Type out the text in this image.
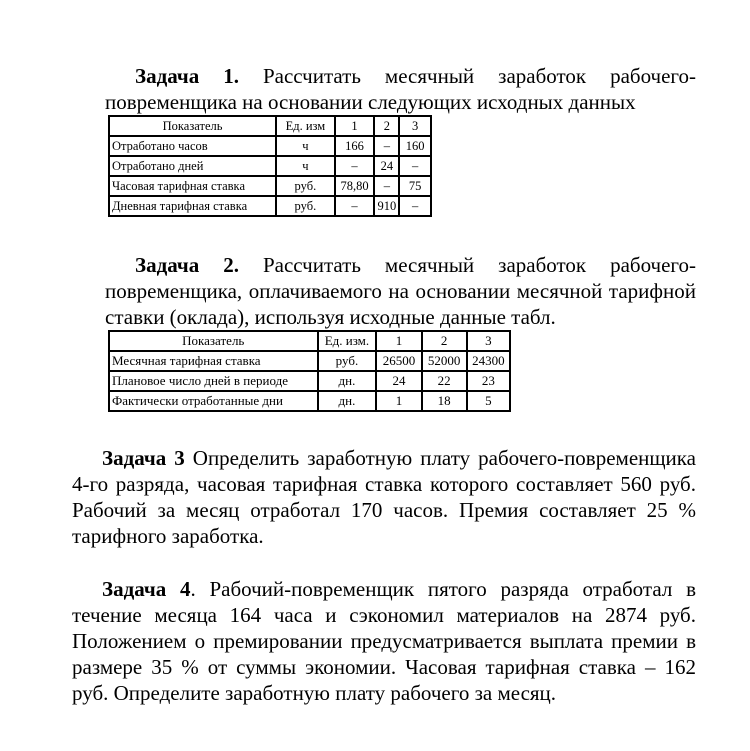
Задача 1. Рассчитать месячный заработок рабочего-повременщика на основании следующих исходных данных

Показатель	Ед. изм	1	2	3
Отработано часов	ч	166	–	160
Отработано дней	ч	–	24	–
Часовая тарифная ставка	руб.	78,80	–	75
Дневная тарифная ставка	руб.	–	910	–

Задача 2. Рассчитать месячный заработок рабочего-повременщика, оплачиваемого на основании месячной тарифной ставки (оклада), используя исходные данные табл.

Показатель	Ед. изм.	1	2	3
Месячная тарифная ставка	руб.	26500	52000	24300
Плановое число дней в периоде	дн.	24	22	23
Фактически отработанные дни	дн.	1	18	5

Задача 3 Определить заработную плату рабочего-повременщика 4-го разряда, часовая тарифная ставка которого составляет 560 руб. Рабочий за месяц отработал 170 часов. Премия составляет 25 % тарифного заработка.

Задача 4. Рабочий-повременщик пятого разряда отработал в течение месяца 164 часа и сэкономил материалов на 2874 руб. Положением о премировании предусматривается выплата премии в размере 35 % от суммы экономии. Часовая тарифная ставка – 162 руб. Определите заработную плату рабочего за месяц.
